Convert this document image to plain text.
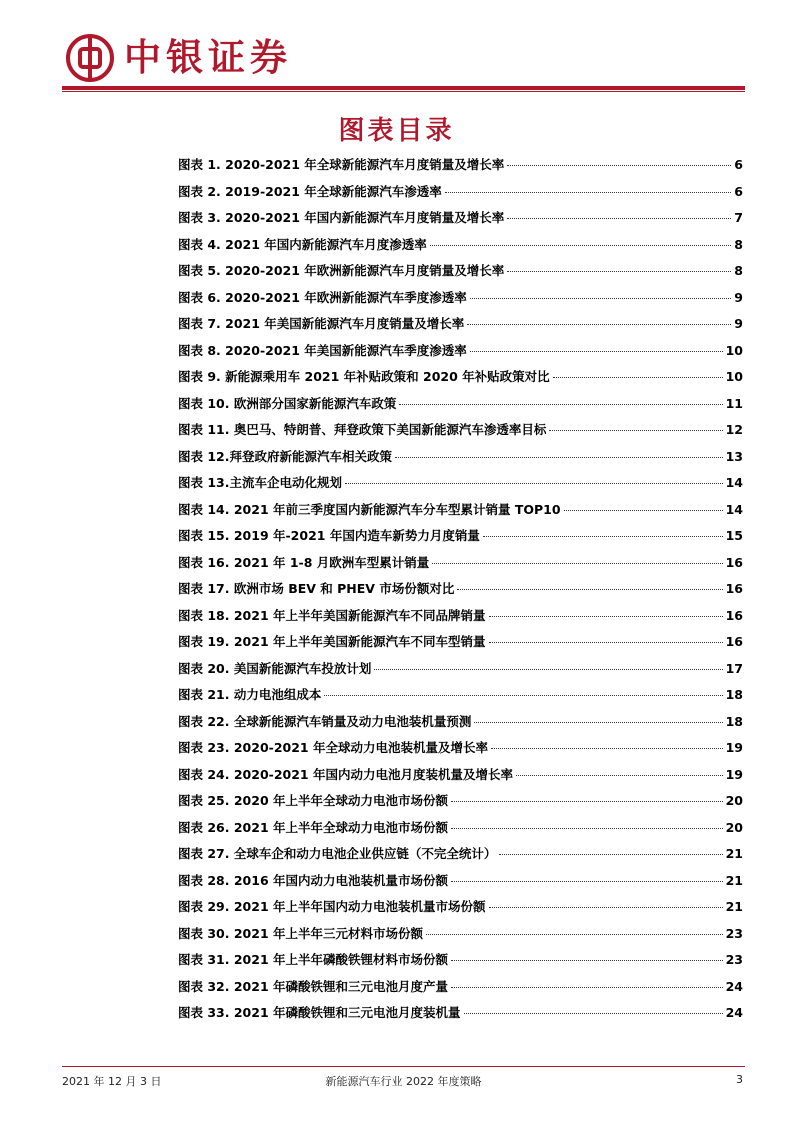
中银证券
图表目录
图表 1. 2020-2021 年全球新能源汽车月度销量及增长率	6
图表 2. 2019-2021 年全球新能源汽车渗透率	6
图表 3. 2020-2021 年国内新能源汽车月度销量及增长率	7
图表 4. 2021 年国内新能源汽车月度渗透率	8
图表 5. 2020-2021 年欧洲新能源汽车月度销量及增长率	8
图表 6. 2020-2021 年欧洲新能源汽车季度渗透率	9
图表 7. 2021 年美国新能源汽车月度销量及增长率	9
图表 8. 2020-2021 年美国新能源汽车季度渗透率	10
图表 9. 新能源乘用车 2021 年补贴政策和 2020 年补贴政策对比	10
图表 10. 欧洲部分国家新能源汽车政策	11
图表 11. 奥巴马、特朗普、拜登政策下美国新能源汽车渗透率目标	12
图表 12.拜登政府新能源汽车相关政策	13
图表 13.主流车企电动化规划	14
图表 14. 2021 年前三季度国内新能源汽车分车型累计销量 TOP10	14
图表 15. 2019 年-2021 年国内造车新势力月度销量	15
图表 16. 2021 年 1-8 月欧洲车型累计销量	16
图表 17. 欧洲市场 BEV 和 PHEV 市场份额对比	16
图表 18. 2021 年上半年美国新能源汽车不同品牌销量	16
图表 19. 2021 年上半年美国新能源汽车不同车型销量	16
图表 20. 美国新能源汽车投放计划	17
图表 21. 动力电池组成本	18
图表 22. 全球新能源汽车销量及动力电池装机量预测	18
图表 23. 2020-2021 年全球动力电池装机量及增长率	19
图表 24. 2020-2021 年国内动力电池月度装机量及增长率	19
图表 25. 2020 年上半年全球动力电池市场份额	20
图表 26. 2021 年上半年全球动力电池市场份额	20
图表 27. 全球车企和动力电池企业供应链（不完全统计）	21
图表 28. 2016 年国内动力电池装机量市场份额	21
图表 29. 2021 年上半年国内动力电池装机量市场份额	21
图表 30. 2021 年上半年三元材料市场份额	23
图表 31. 2021 年上半年磷酸铁锂材料市场份额	23
图表 32. 2021 年磷酸铁锂和三元电池月度产量	24
图表 33. 2021 年磷酸铁锂和三元电池月度装机量	24
2021 年 12 月 3 日	新能源汽车行业 2022 年度策略	3
